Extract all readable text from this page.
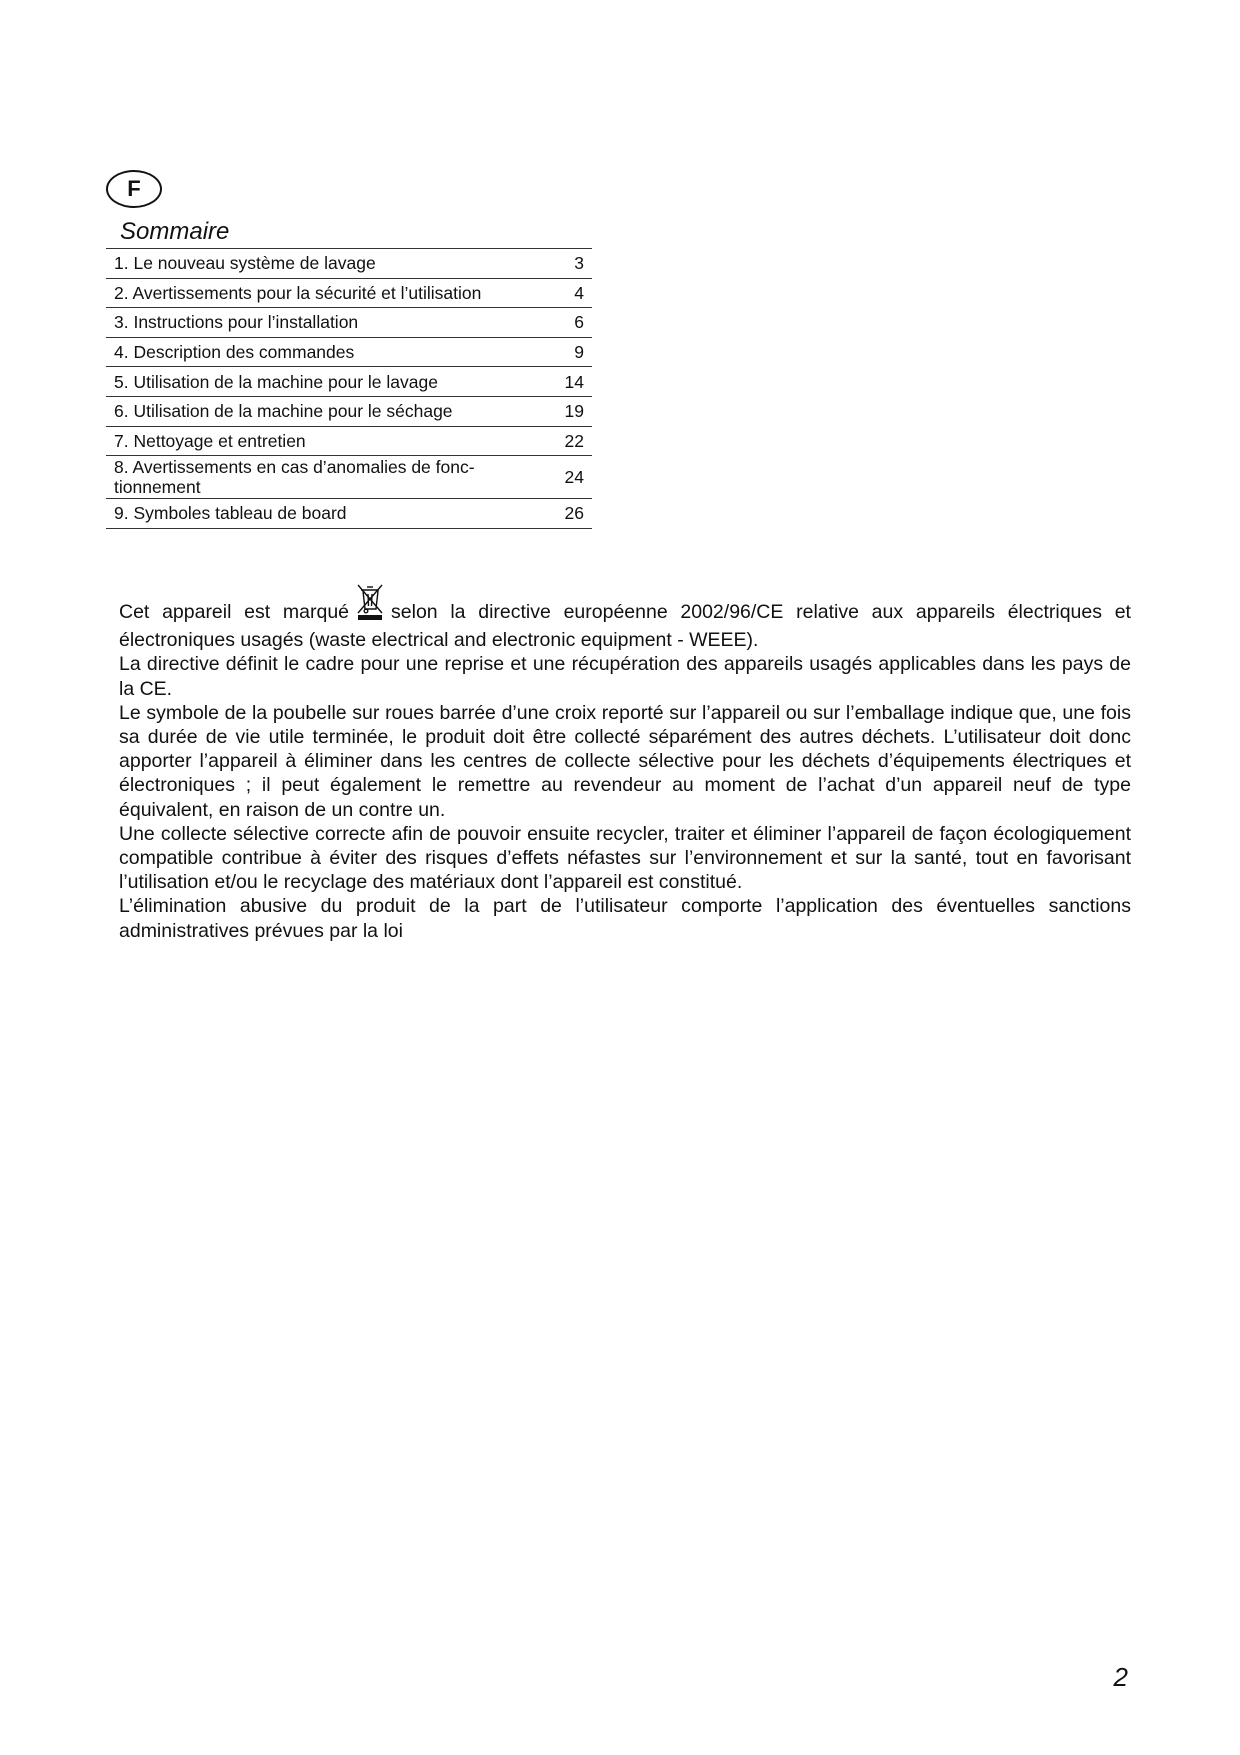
F
Sommaire
1. Le nouveau système de lavage	3
2. Avertissements pour la sécurité et l’utilisation	4
3. Instructions pour l’installation	6
4. Description des commandes	9
5. Utilisation de la machine pour le lavage	14
6. Utilisation de la machine pour le séchage	19
7. Nettoyage et entretien	22
8. Avertissements en cas d’anomalies de fonc-
tionnement	24
9. Symboles tableau de board	26

Cet appareil est marqué selon la directive européenne 2002/96/CE relative aux appareils électriques et électroniques usagés (waste electrical and electronic equipment - WEEE).

La directive définit le cadre pour une reprise et une récupération des appareils usagés applicables dans les pays de la CE.

Le symbole de la poubelle sur roues barrée d’une croix reporté sur l’appareil ou sur l’emballage indique que, une fois sa durée de vie utile terminée, le produit doit être collecté séparément des autres déchets. L’utilisateur doit donc apporter l’appareil à éliminer dans les centres de collecte sélective pour les déchets d’équipements électriques et électroniques ; il peut également le remettre au revendeur au moment de l’achat d’un appareil neuf de type équivalent, en raison de un contre un.

Une collecte sélective correcte afin de pouvoir ensuite recycler, traiter et éliminer l’appareil de façon écologiquement compatible contribue à éviter des risques d’effets néfastes sur l’environnement et sur la santé, tout en favorisant l’utilisation et/ou le recyclage des matériaux dont l’appareil est constitué.

L’élimination abusive du produit de la part de l’utilisateur comporte l’application des éventuelles sanctions administratives prévues par la loi

2
